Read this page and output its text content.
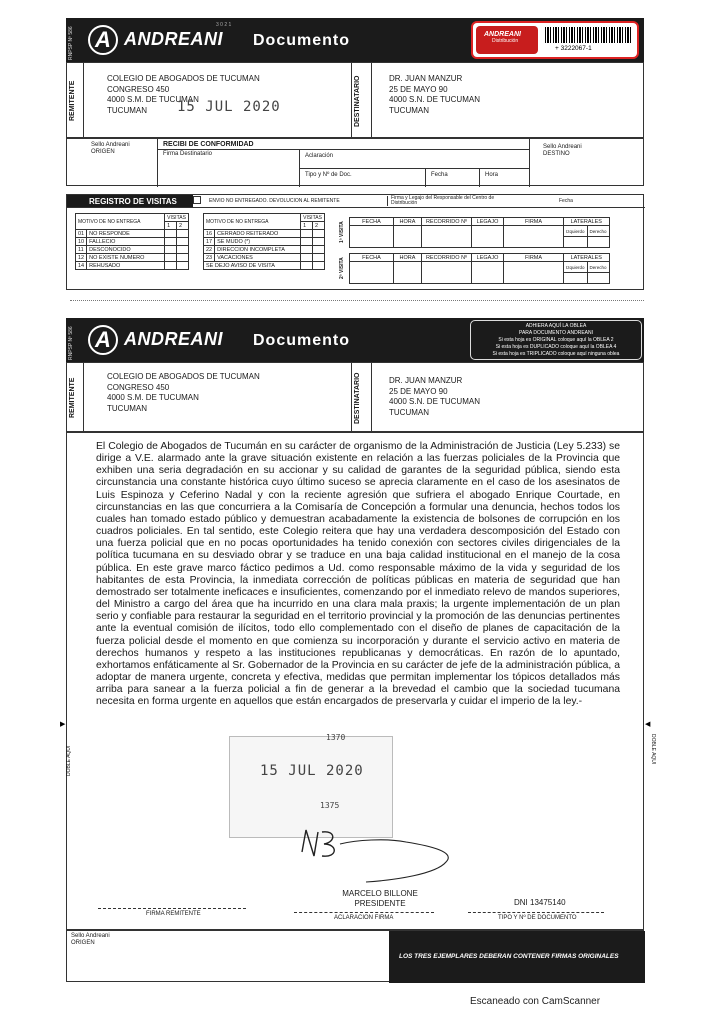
RNPSP Nº 586 A ANDREANI Documento	ANDREANI
Distribución
+ 3222067-1
3 0 2 1
REMITENTE
COLEGIO DE ABOGADOS DE TUCUMAN
CONGRESO 450
4000 S.M. DE TUCUMAN
TUCUMAN	15 JUL 2020	DESTINATARIO	DR. JUAN MANZUR
25 DE MAYO 90
4000 S.N. DE TUCUMAN
TUCUMAN
Sello Andreani
ORIGEN
RECIBI DE CONFORMIDAD
Firma Destinatario	Aclaración
Tipo y Nº de Doc.	Fecha	Hora
Sello Andreani
DESTINO
REGISTRO DE VISITAS	ENVIO NO ENTREGADO. DEVOLUCION AL REMITENTE	Firma y Legajo del Responsable del Centro de Distribución	Fecha
MOTIVO DE NO ENTREGA		VISITAS	
		1	2
01	NO RESPONDE		
10	FALLECIO		
11	DESCONOCIDO		
12	NO EXISTE NUMERO		
14	REHUSADO		
MOTIVO DE NO ENTREGA		VISITAS	
		1	2
16	CERRADO REITERADO		
17	SE MUDO (*)		
22	DIRECCION INCOMPLETA		
23	VACACIONES		
SE DEJO AVISO DE VISITA			
1ª VISITA
2ª VISITA
FECHA	HORA	RECORRIDO Nº	LEGAJO	FIRMA	LATERALES	
					Izquierdo	Derecho

FECHA	HORA	RECORRIDO Nº	LEGAJO	FIRMA	LATERALES	
					Izquierdo	Derecho

RNPSP Nº 586 A ANDREANI Documento
ADHIERA AQUÍ LA OBLEA
PARA DOCUMENTO ANDREANI
Si esta hoja es ORIGINAL coloque aquí la OBLEA 2
Si esta hoja es DUPLICADO coloque aquí la OBLEA 4
Si esta hoja es TRIPLICADO coloque aquí ninguna oblea
REMITENTE
COLEGIO DE ABOGADOS DE TUCUMAN
CONGRESO 450
4000 S.M. DE TUCUMAN
TUCUMAN	DESTINATARIO	DR. JUAN MANZUR
25 DE MAYO 90
4000 S.N. DE TUCUMAN
TUCUMAN
El Colegio de Abogados de Tucumán en su carácter de organismo de la Administración de Justicia (Ley 5.233) se dirige a V.E. alarmado ante la grave situación existente en relación a las fuerzas policiales de la Provincia que exhiben una seria degradación en su accionar y su calidad de garantes de la seguridad pública, siendo esta circunstancia una constante histórica cuyo último suceso se aprecia claramente en el caso de los asesinatos de Luis Espinoza y Ceferino Nadal y con la reciente agresión que sufriera el abogado Enrique Courtade, en circunstancias en las que concurriera a la Comisaría de Concepción a formular una denuncia, hechos todos los cuales han tomado estado público y demuestran acabadamente la existencia de bolsones de corrupción en los cuadros policiales. En tal sentido, este Colegio reitera que hay una verdadera descomposición del Estado con una fuerza policial que en no pocas oportunidades ha tenido conexión con sectores civiles dirigenciales de la política tucumana en su desviado obrar y se traduce en una baja calidad institucional en el manejo de la cosa pública. En este grave marco fáctico pedimos a Ud. como responsable máximo de la vida y seguridad de los habitantes de esta Provincia, la inmediata corrección de políticas públicas en materia de seguridad que han demostrado ser totalmente ineficaces e insuficientes, comenzando por el inmediato relevo de mandos superiores, del Ministro a cargo del área que ha incurrido en una clara mala praxis; la urgente implementación de un plan serio y confiable para restaurar la seguridad en el territorio provincial y la promoción de las denuncias pertinentes ante la eventual comisión de ilícitos, todo ello complementado con el diseño de planes de capacitación de la fuerza policial desde el momento en que comienza su incorporación y durante el servicio activo en materia de derechos humanos y respeto a las instituciones republicanas y democráticas. En razón de lo apuntado, exhortamos enfáticamente al Sr. Gobernador de la Provincia en su carácter de jefe de la administración pública, a adoptar de manera urgente, concreta y efectiva, medidas que permitan implementar los tópicos detallados más arriba para sanear a la fuerza policial a fin de generar a la brevedad el cambio que la sociedad tucumana necesita en forma urgente en aquellos que están encargados de preservarla y cuidar el imperio de la ley.-
1370
15 JUL 2020
1375
MARCELO BILLONE
PRESIDENTE	DNI 13475140
FIRMA REMITENTE
ACLARACION FIRMA	TIPO Y Nº DE DOCUMENTO
▶
DOBLE AQUI
◀
DOBLE AQUI
Sello Andreani
ORIGEN
LOS TRES EJEMPLARES DEBERAN CONTENER FIRMAS ORIGINALES
Escaneado con CamScanner
